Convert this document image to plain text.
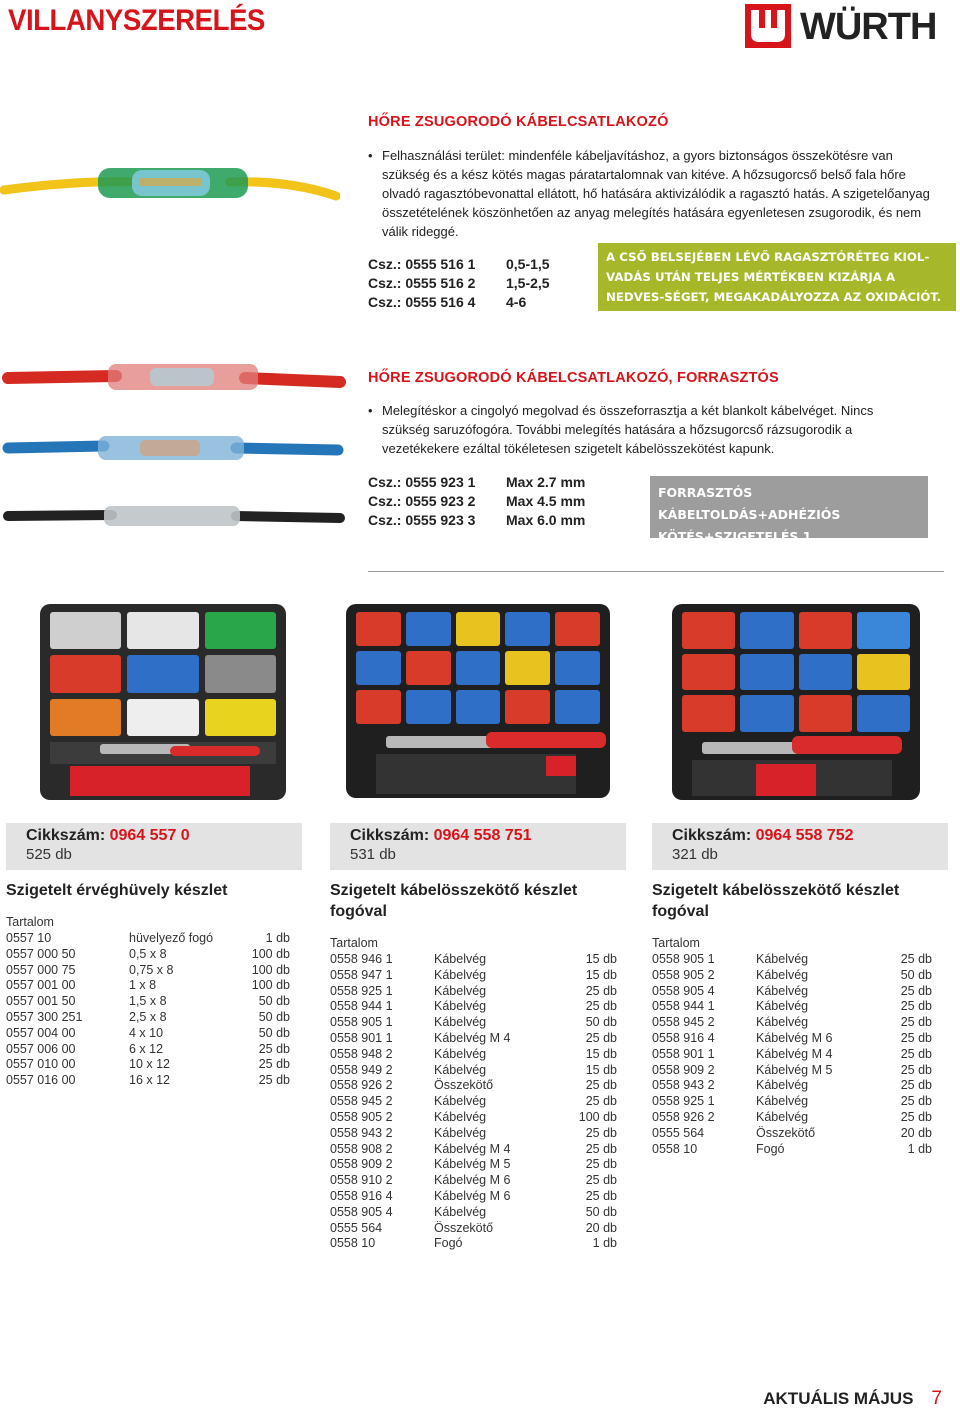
VILLANYSZERELÉS	WÜRTH
HŐRE ZSUGORODÓ KÁBELCSATLAKOZÓ
• Felhasználási terület: mindenféle kábeljavításhoz, a gyors biztonságos összekötésre van szükség és a kész kötés magas páratartalomnak van kitéve. A hőzsugorcső belső fala hőre olvadó ragasztóbevonattal ellátott, hő hatására aktivizálódik a ragasztó hatás. A szigetelőanyag összetételének köszönhetően az anyag melegítés hatására egyenletesen zsugorodik, és nem válik rideggé.
Csz.: 0555 516 1	0,5-1,5
Csz.: 0555 516 2	1,5-2,5
Csz.: 0555 516 4	4-6
A CSŐ BELSEJÉBEN LÉVŐ RAGASZTÓRÉTEG KIOL-VADÁS UTÁN TELJES MÉRTÉKBEN KIZÁRJA A NEDVES-SÉGET, MEGAKADÁLYOZZA AZ OXIDÁCIÓT.
HŐRE ZSUGORODÓ KÁBELCSATLAKOZÓ, FORRASZTÓS
• Melegítéskor a cingolyó megolvad és összeforrasztja a két blankolt kábelvéget. Nincs szükség saruzófogóra. További melegítés hatására a hőzsugorcső rázsugorodik a vezetékekere ezáltal tökéletesen szigetelt kábelösszekötést kapunk.
Csz.: 0555 923 1	Max 2.7 mm
Csz.: 0555 923 2	Max 4.5 mm
Csz.: 0555 923 3	Max 6.0 mm
FORRASZTÓS KÁBELTOLDÁS+ADHÉZIÓS KÖTÉS+SZIGETELÉS 1 MUNKAFÁZISBAN
Cikkszám: 0964 557 0
525 db
Szigetelt érvéghüvely készlet
Tartalom
0557 10	hüvelyező fogó	1 db
0557 000 50	0,5 x 8	100 db
0557 000 75	0,75 x 8	100 db
0557 001 00	1 x 8	100 db
0557 001 50	1,5 x 8	50 db
0557 300 251	2,5 x 8	50 db
0557 004 00	4 x 10	50 db
0557 006 00	6 x 12	25 db
0557 010 00	10 x 12	25 db
0557 016 00	16 x 12	25 db
Cikkszám: 0964 558 751
531 db
Szigetelt kábelösszekötő készlet fogóval
Tartalom
0558 946 1	Kábelvég	15 db
0558 947 1	Kábelvég	15 db
0558 925 1	Kábelvég	25 db
0558 944 1	Kábelvég	25 db
0558 905 1	Kábelvég	50 db
0558 901 1	Kábelvég M 4	25 db
0558 948 2	Kábelvég	15 db
0558 949 2	Kábelvég	15 db
0558 926 2	Összekötő	25 db
0558 945 2	Kábelvég	25 db
0558 905 2	Kábelvég	100 db
0558 943 2	Kábelvég	25 db
0558 908 2	Kábelvég M 4	25 db
0558 909 2	Kábelvég M 5	25 db
0558 910 2	Kábelvég M 6	25 db
0558 916 4	Kábelvég M 6	25 db
0558 905 4	Kábelvég	50 db
0555 564	Összekötő	20 db
0558 10	Fogó	1 db
Cikkszám: 0964 558 752
321 db
Szigetelt kábelösszekötő készlet fogóval
Tartalom
0558 905 1	Kábelvég	25 db
0558 905 2	Kábelvég	50 db
0558 905 4	Kábelvég	25 db
0558 944 1	Kábelvég	25 db
0558 945 2	Kábelvég	25 db
0558 916 4	Kábelvég M 6	25 db
0558 901 1	Kábelvég M 4	25 db
0558 909 2	Kábelvég M 5	25 db
0558 943 2	Kábelvég	25 db
0558 925 1	Kábelvég	25 db
0558 926 2	Kábelvég	25 db
0555 564	Összekötő	20 db
0558 10	Fogó	1 db
AKTUÁLIS MÁJUS 7
